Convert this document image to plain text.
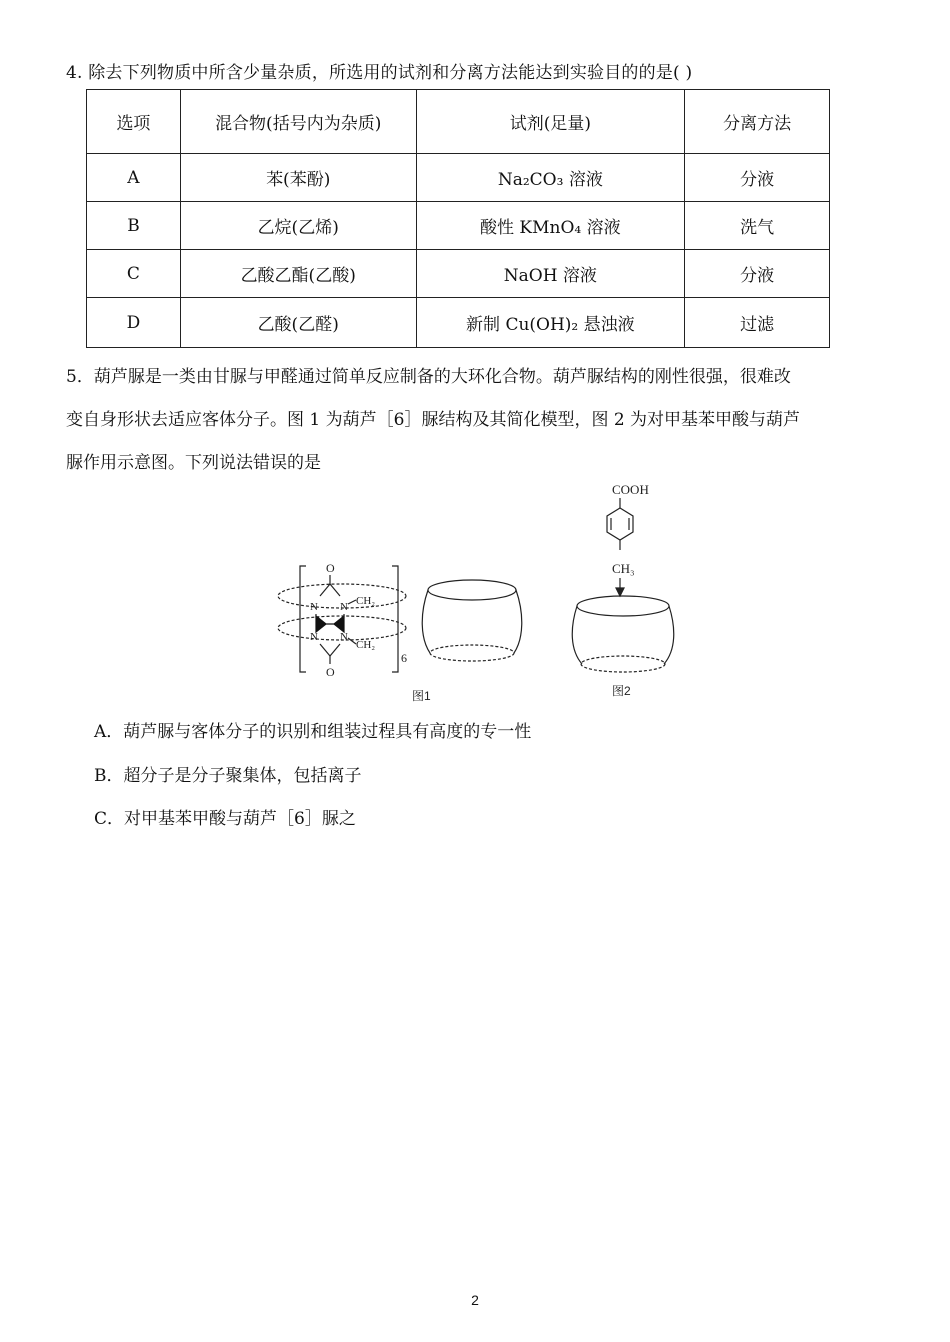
4. 除去下列物质中所含少量杂质，所选用的试剂和分离方法能达到实验目的的是( )
选项	混合物(括号内为杂质)	试剂(足量)	分离方法
A	苯(苯酚)	Na₂CO₃ 溶液	分液
B	乙烷(乙烯)	酸性 KMnO₄ 溶液	洗气
C	乙酸乙酯(乙酸)	NaOH 溶液	分液
D	乙酸(乙醛)	新制 Cu(OH)₂ 悬浊液	过滤

5．葫芦脲是一类由甘脲与甲醛通过简单反应制备的大环化合物。葫芦脲结构的刚性很强，很难改

变自身形状去适应客体分子。图 1 为葫芦［6］脲结构及其简化模型，图 2 为对甲基苯甲酸与葫芦

脲作用示意图。下列说法错误的是

O
N N CH₂
N N
CH₂
O
6
图1
COOH
CH₃
图2
A．葫芦脲与客体分子的识别和组装过程具有高度的专一性
B．超分子是分子聚集体，包括离子
C．对甲基苯甲酸与葫芦［6］脲之
2
